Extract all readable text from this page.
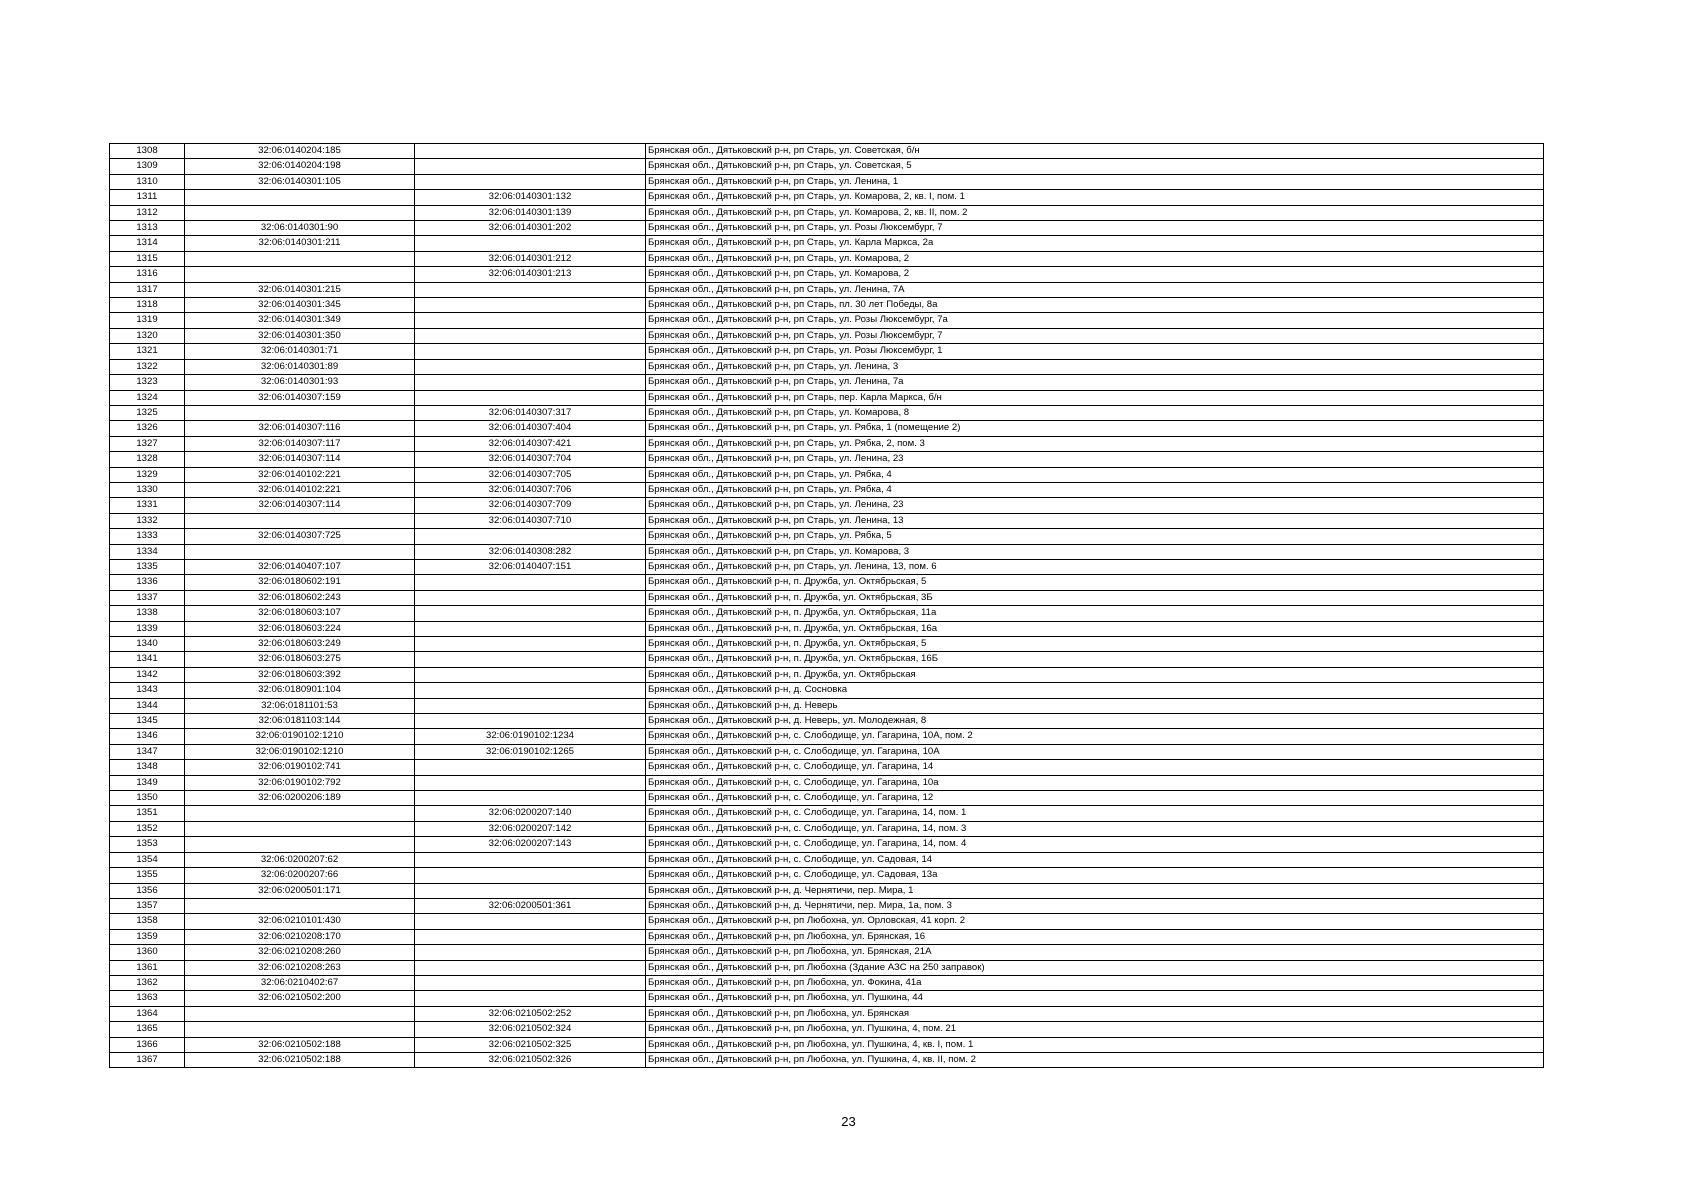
1308	32:06:0140204:185		Брянская обл., Дятьковский р-н, рп Старь, ул. Советская, б/н
1309	32:06:0140204:198		Брянская обл., Дятьковский р-н, рп Старь, ул. Советская, 5
1310	32:06:0140301:105		Брянская обл., Дятьковский р-н, рп Старь, ул. Ленина, 1
1311		32:06:0140301:132	Брянская обл., Дятьковский р-н, рп Старь, ул. Комарова, 2, кв. I, пом. 1
1312		32:06:0140301:139	Брянская обл., Дятьковский р-н, рп Старь, ул. Комарова, 2, кв. II, пом. 2
1313	32:06:0140301:90	32:06:0140301:202	Брянская обл., Дятьковский р-н, рп Старь, ул. Розы Люксембург, 7
1314	32:06:0140301:211		Брянская обл., Дятьковский р-н, рп Старь, ул. Карла Маркса, 2а
1315		32:06:0140301:212	Брянская обл., Дятьковский р-н, рп Старь, ул. Комарова, 2
1316		32:06:0140301:213	Брянская обл., Дятьковский р-н, рп Старь, ул. Комарова, 2
1317	32:06:0140301:215		Брянская обл., Дятьковский р-н, рп Старь, ул. Ленина, 7А
1318	32:06:0140301:345		Брянская обл., Дятьковский р-н, рп Старь, пл. 30 лет Победы, 8а
1319	32:06:0140301:349		Брянская обл., Дятьковский р-н, рп Старь, ул. Розы Люксембург, 7а
1320	32:06:0140301:350		Брянская обл., Дятьковский р-н, рп Старь, ул. Розы Люксембург, 7
1321	32:06:0140301:71		Брянская обл., Дятьковский р-н, рп Старь, ул. Розы Люксембург, 1
1322	32:06:0140301:89		Брянская обл., Дятьковский р-н, рп Старь, ул. Ленина, 3
1323	32:06:0140301:93		Брянская обл., Дятьковский р-н, рп Старь, ул. Ленина, 7а
1324	32:06:0140307:159		Брянская обл., Дятьковский р-н, рп Старь, пер. Карла Маркса, б/н
1325		32:06:0140307:317	Брянская обл., Дятьковский р-н, рп Старь, ул. Комарова, 8
1326	32:06:0140307:116	32:06:0140307:404	Брянская обл., Дятьковский р-н, рп Старь, ул. Рябка, 1 (помещение 2)
1327	32:06:0140307:117	32:06:0140307:421	Брянская обл., Дятьковский р-н, рп Старь, ул. Рябка, 2, пом. 3
1328	32:06:0140307:114	32:06:0140307:704	Брянская обл., Дятьковский р-н, рп Старь, ул. Ленина, 23
1329	32:06:0140102:221	32:06:0140307:705	Брянская обл., Дятьковский р-н, рп Старь, ул. Рябка, 4
1330	32:06:0140102:221	32:06:0140307:706	Брянская обл., Дятьковский р-н, рп Старь, ул. Рябка, 4
1331	32:06:0140307:114	32:06:0140307:709	Брянская обл., Дятьковский р-н, рп Старь, ул. Ленина, 23
1332		32:06:0140307:710	Брянская обл., Дятьковский р-н, рп Старь, ул. Ленина, 13
1333	32:06:0140307:725		Брянская обл., Дятьковский р-н, рп Старь, ул. Рябка, 5
1334		32:06:0140308:282	Брянская обл., Дятьковский р-н, рп Старь, ул. Комарова, 3
1335	32:06:0140407:107	32:06:0140407:151	Брянская обл., Дятьковский р-н, рп Старь, ул. Ленина, 13, пом. 6
1336	32:06:0180602:191		Брянская обл., Дятьковский р-н, п. Дружба, ул. Октябрьская, 5
1337	32:06:0180602:243		Брянская обл., Дятьковский р-н, п. Дружба, ул. Октябрьская, 3Б
1338	32:06:0180603:107		Брянская обл., Дятьковский р-н, п. Дружба, ул. Октябрьская, 11а
1339	32:06:0180603:224		Брянская обл., Дятьковский р-н, п. Дружба, ул. Октябрьская, 16а
1340	32:06:0180603:249		Брянская обл., Дятьковский р-н, п. Дружба, ул. Октябрьская, 5
1341	32:06:0180603:275		Брянская обл., Дятьковский р-н, п. Дружба, ул. Октябрьская, 16Б
1342	32:06:0180603:392		Брянская обл., Дятьковский р-н, п. Дружба, ул. Октябрьская
1343	32:06:0180901:104		Брянская обл., Дятьковский р-н, д. Сосновка
1344	32:06:0181101:53		Брянская обл., Дятьковский р-н, д. Неверь
1345	32:06:0181103:144		Брянская обл., Дятьковский р-н, д. Неверь, ул. Молодежная, 8
1346	32:06:0190102:1210	32:06:0190102:1234	Брянская обл., Дятьковский р-н, с. Слободище, ул. Гагарина, 10А, пом. 2
1347	32:06:0190102:1210	32:06:0190102:1265	Брянская обл., Дятьковский р-н, с. Слободище, ул. Гагарина, 10А
1348	32:06:0190102:741		Брянская обл., Дятьковский р-н, с. Слободище, ул. Гагарина, 14
1349	32:06:0190102:792		Брянская обл., Дятьковский р-н, с. Слободище, ул. Гагарина, 10а
1350	32:06:0200206:189		Брянская обл., Дятьковский р-н, с. Слободище, ул. Гагарина, 12
1351		32:06:0200207:140	Брянская обл., Дятьковский р-н, с. Слободище, ул. Гагарина, 14, пом. 1
1352		32:06:0200207:142	Брянская обл., Дятьковский р-н, с. Слободище, ул. Гагарина, 14, пом. 3
1353		32:06:0200207:143	Брянская обл., Дятьковский р-н, с. Слободище, ул. Гагарина, 14, пом. 4
1354	32:06:0200207:62		Брянская обл., Дятьковский р-н, с. Слободище, ул. Садовая, 14
1355	32:06:0200207:66		Брянская обл., Дятьковский р-н, с. Слободище, ул. Садовая, 13а
1356	32:06:0200501:171		Брянская обл., Дятьковский р-н, д. Чернятичи, пер. Мира, 1
1357		32:06:0200501:361	Брянская обл., Дятьковский р-н, д. Чернятичи, пер. Мира, 1а, пом. 3
1358	32:06:0210101:430		Брянская обл., Дятьковский р-н, рп Любохна, ул. Орловская, 41 корп. 2
1359	32:06:0210208:170		Брянская обл., Дятьковский р-н, рп Любохна, ул. Брянская, 16
1360	32:06:0210208:260		Брянская обл., Дятьковский р-н, рп Любохна, ул. Брянская, 21А
1361	32:06:0210208:263		Брянская обл., Дятьковский р-н, рп Любохна (Здание АЗС на 250 заправок)
1362	32:06:0210402:67		Брянская обл., Дятьковский р-н, рп Любохна, ул. Фокина, 41а
1363	32:06:0210502:200		Брянская обл., Дятьковский р-н, рп Любохна, ул. Пушкина, 44
1364		32:06:0210502:252	Брянская обл., Дятьковский р-н, рп Любохна, ул. Брянская
1365		32:06:0210502:324	Брянская обл., Дятьковский р-н, рп Любохна, ул. Пушкина, 4, пом. 21
1366	32:06:0210502:188	32:06:0210502:325	Брянская обл., Дятьковский р-н, рп Любохна, ул. Пушкина, 4, кв. I, пом. 1
1367	32:06:0210502:188	32:06:0210502:326	Брянская обл., Дятьковский р-н, рп Любохна, ул. Пушкина, 4, кв. II, пом. 2
23
